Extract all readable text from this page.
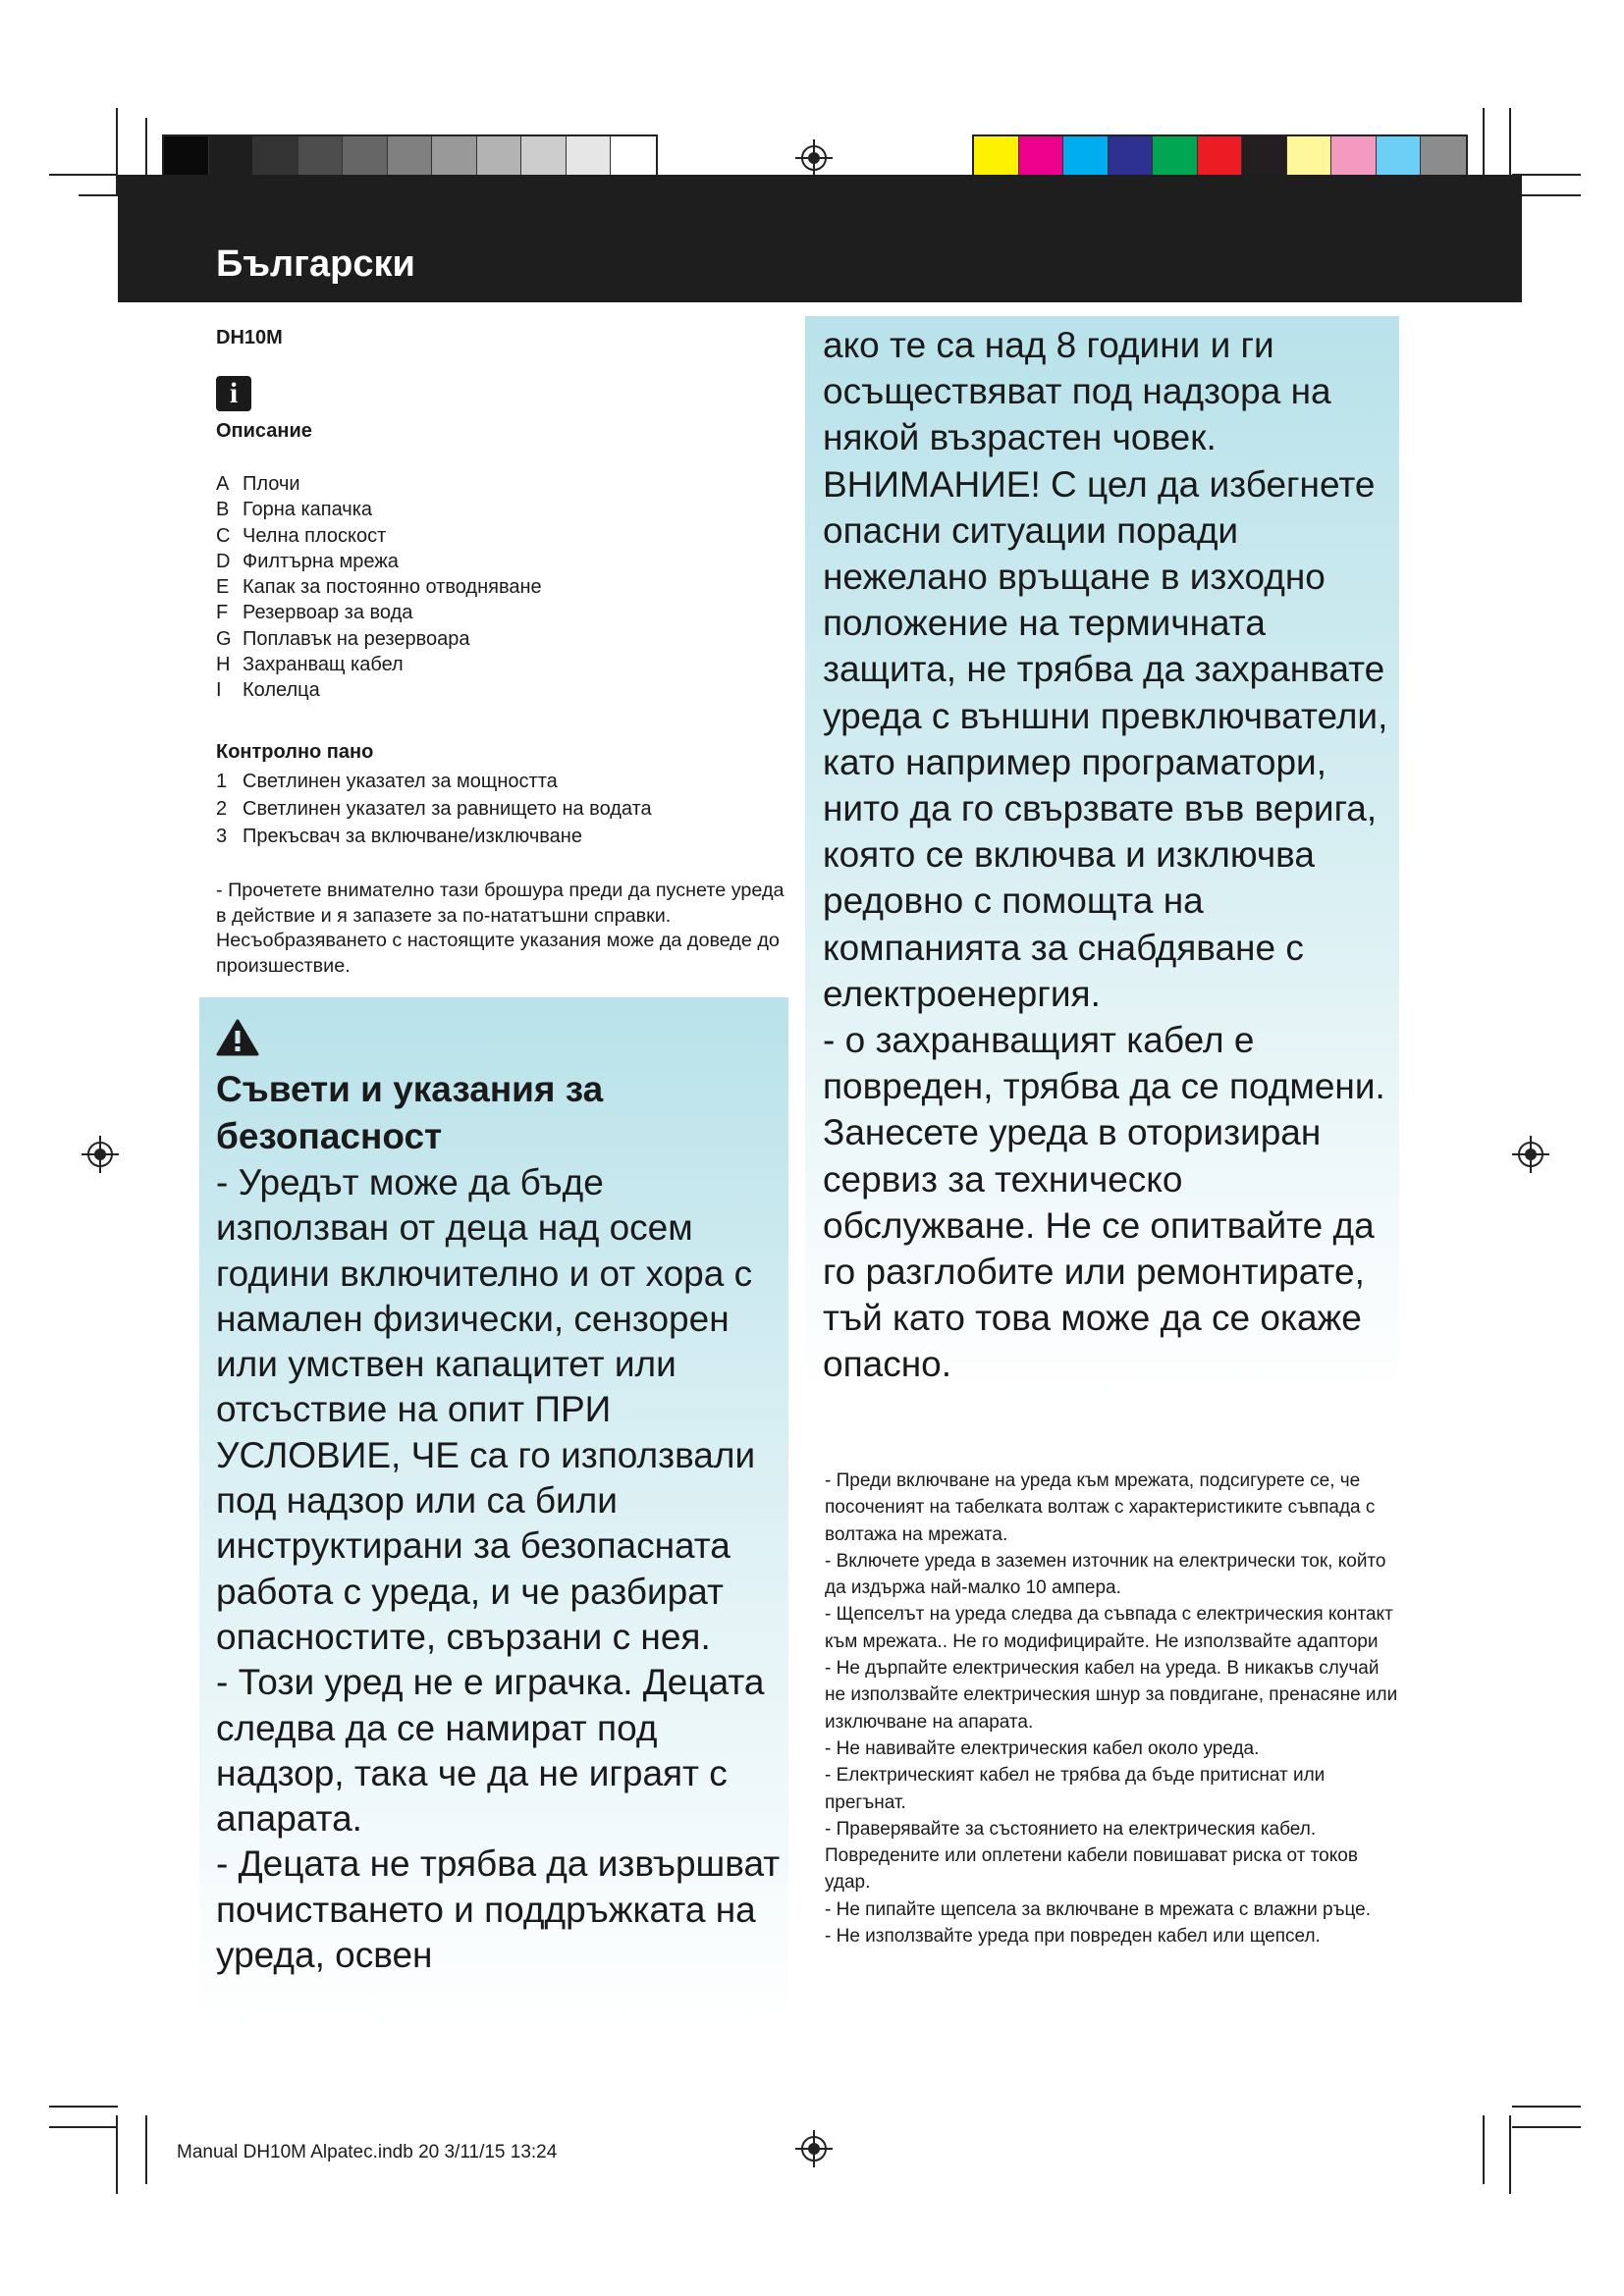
Български
DH10M
i
Описание
A Плочи
B Горна капачка
C Челна плоскост
D Филтърна мрежа
E Капак за постоянно отводняване
F Резервоар за вода
G Поплавък на резервоара
H Захранващ кабел
I Колелца
Контролно пано
1 Светлинен указател за мощността
2 Светлинен указател за равнището на водата
3 Прекъсвач за включване/изключване
- Прочетете внимателно тази брошура преди да пуснете уреда в действие и я запазете за по-нататъшни справки. Несъобразяването с настоящите указания може да доведе до произшествие.
Съвети и указания за безопасност
- Уредът може да бъде използван от деца над осем години включително и от хора с намален физически, сензорен или умствен капацитет или отсъствие на опит ПРИ УСЛОВИЕ, ЧЕ са го използвали под надзор или са били инструктирани за безопасната работа с уреда, и че разбират опасностите, свързани с нея.
- Този уред не е играчка. Децата следва да се намират под надзор, така че да не играят с апарата.
- Децата не трябва да извършват почистването и поддръжката на уреда, освен
ако те са над 8 години и ги осъществяват под надзора на някой възрастен човек.
ВНИМАНИЕ! С цел да избегнете опасни ситуации поради нежелано връщане в изходно положение на термичната защита, не трябва да захранвате уреда с външни превключватели, като например програматори, нито да го свързвате във верига, която се включва и изключва редовно с помощта на компанията за снабдяване с електроенергия.
- о захранващият кабел е повреден, трябва да се подмени. Занесете уреда в оторизиран сервиз за техническо обслужване. Не се опитвайте да го разглобите или ремонтирате, тъй като това може да се окаже опасно.

- Преди включване на уреда към мрежата, подсигурете се, че посоченият на табелката волтаж с характеристиките съвпада с волтажа на мрежата.

- Включете уреда в заземен източник на електрически ток, който да издържа най-малко 10 ампера.

- Щепселът на уреда следва да съвпада с електрическия контакт към мрежата.. Не го модифицирайте. Не използвайте адаптори

- Не дърпайте електрическия кабел на уреда. В никакъв случай не използвайте електрическия шнур за повдигане, пренасяне или изключване на апарата.

- Не навивайте електрическия кабел около уреда.

- Електрическият кабел не трябва да бъде притиснат или прегънат.

- Праверявайте за състоянието на електрическия кабел. Повредените или оплетени кабели повишават риска от токов удар.

- Не пипайте щепсела за включване в мрежата с влажни ръце.

- Не използвайте уреда при повреден кабел или щепсел.

Manual DH10M Alpatec.indb 20 3/11/15 13:24
